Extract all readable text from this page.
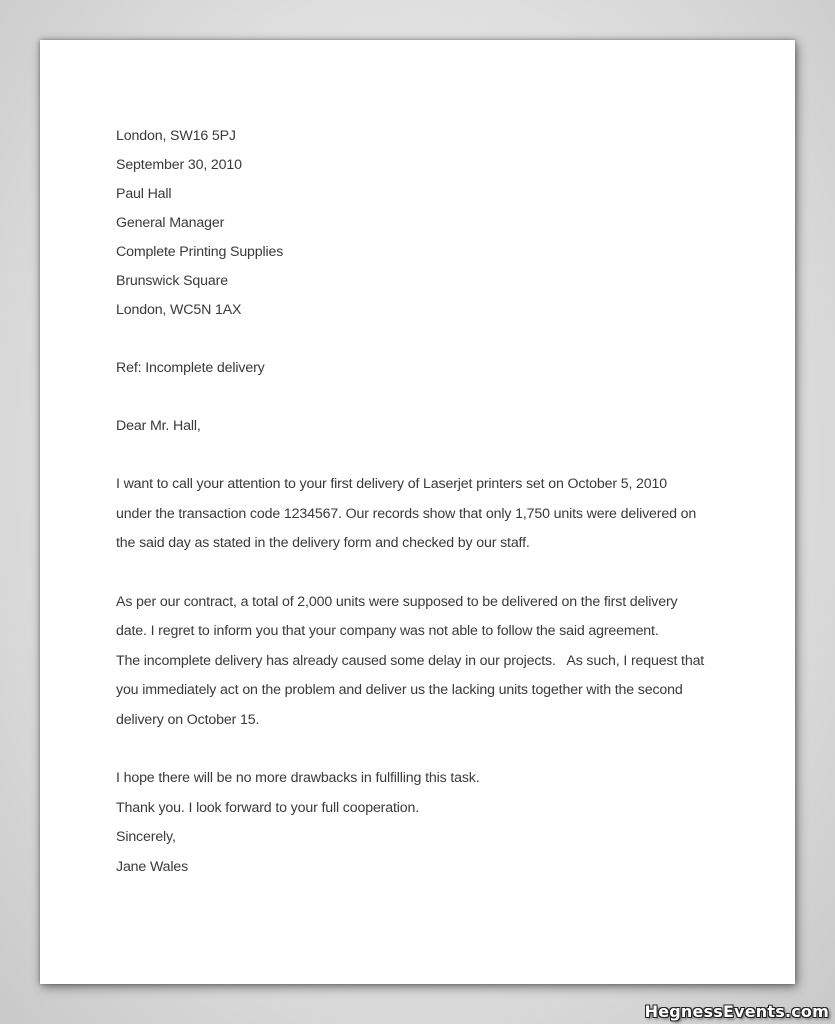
London, SW16 5PJ
September 30, 2010
Paul Hall
General Manager
Complete Printing Supplies
Brunswick Square
London, WC5N 1AX
Ref: Incomplete delivery
Dear Mr. Hall,
I want to call your attention to your first delivery of Laserjet printers set on October 5, 2010
under the transaction code 1234567. Our records show that only 1,750 units were delivered on
the said day as stated in the delivery form and checked by our staff.
As per our contract, a total of 2,000 units were supposed to be delivered on the first delivery
date. I regret to inform you that your company was not able to follow the said agreement.
The incomplete delivery has already caused some delay in our projects.   As such, I request that
you immediately act on the problem and deliver us the lacking units together with the second
delivery on October 15.
I hope there will be no more drawbacks in fulfilling this task.
Thank you. I look forward to your full cooperation.
Sincerely,
Jane Wales
HegnessEvents.com
